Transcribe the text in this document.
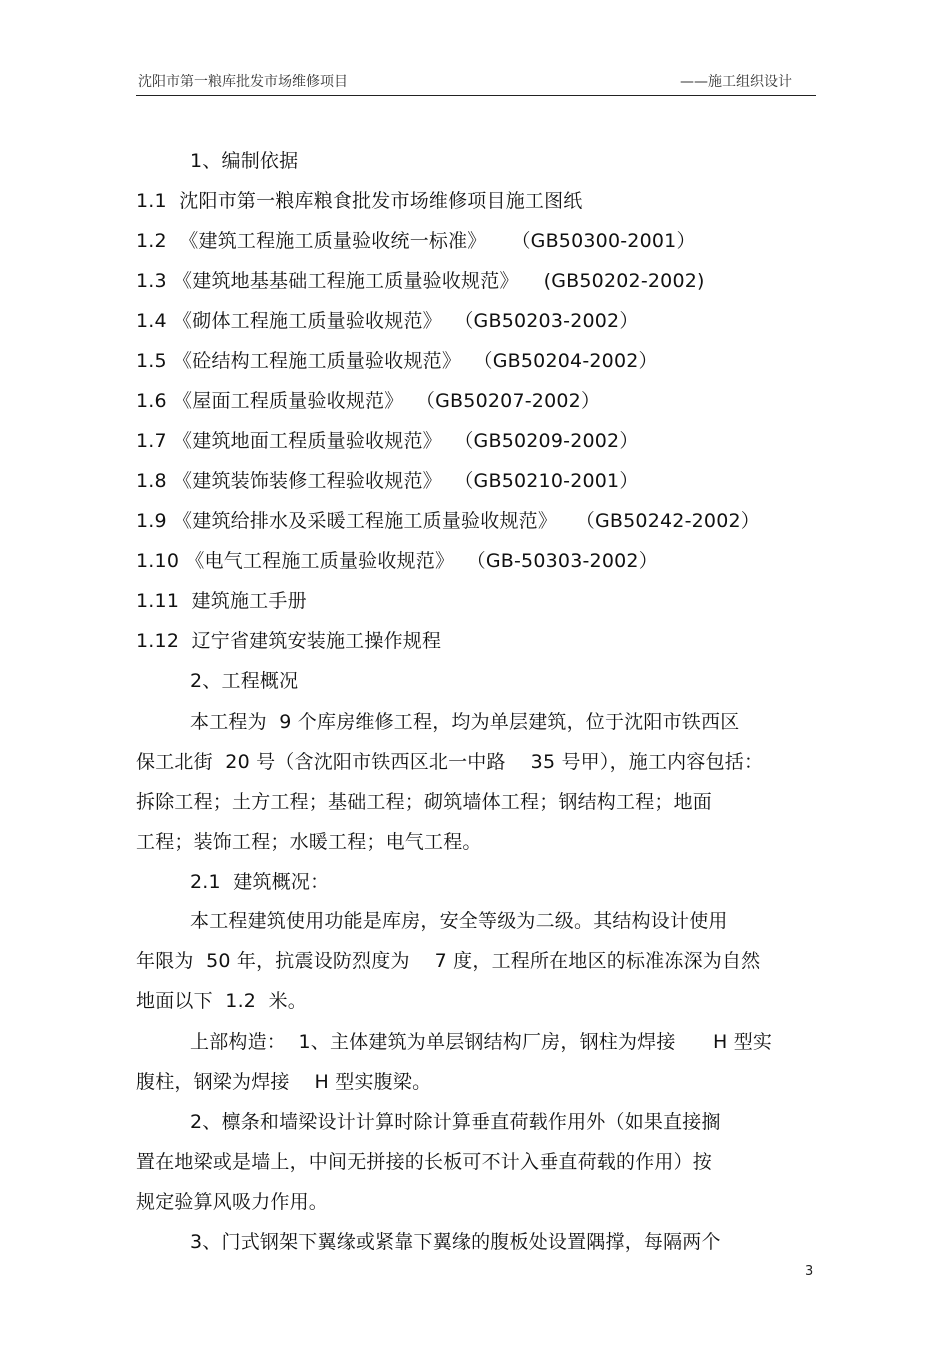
沈阳市第一粮库批发市场维修项目	——施工组织设计
1、编制依据
1.1  沈阳市第一粮库粮食批发市场维修项目施工图纸
1.2  《建筑工程施工质量验收统一标准》    （GB50300-2001）
1.3 《建筑地基基础工程施工质量验收规范》    (GB50202-2002)
1.4 《砌体工程施工质量验收规范》  （GB50203-2002）
1.5 《砼结构工程施工质量验收规范》  （GB50204-2002）
1.6 《屋面工程质量验收规范》  （GB50207-2002）
1.7 《建筑地面工程质量验收规范》  （GB50209-2002）
1.8 《建筑装饰装修工程验收规范》  （GB50210-2001）
1.9 《建筑给排水及采暖工程施工质量验收规范》   （GB50242-2002）
1.10 《电气工程施工质量验收规范》  （GB-50303-2002）
1.11  建筑施工手册
1.12  辽宁省建筑安装施工操作规程
2、工程概况
本工程为  9 个库房维修工程，均为单层建筑，位于沈阳市铁西区
保工北街  20 号（含沈阳市铁西区北一中路    35 号甲），施工内容包括：
拆除工程；土方工程；基础工程；砌筑墙体工程；钢结构工程；地面
工程；装饰工程；水暖工程；电气工程。
2.1  建筑概况：
本工程建筑使用功能是库房，安全等级为二级。其结构设计使用
年限为  50 年，抗震设防烈度为    7 度，工程所在地区的标准冻深为自然
地面以下  1.2  米。
上部构造：  1、主体建筑为单层钢结构厂房，钢柱为焊接      H 型实
腹柱，钢梁为焊接    H 型实腹梁。
2、檩条和墙梁设计计算时除计算垂直荷载作用外（如果直接搁
置在地梁或是墙上，中间无拼接的长板可不计入垂直荷载的作用）按
规定验算风吸力作用。
3、门式钢架下翼缘或紧靠下翼缘的腹板处设置隅撑，每隔两个
3
